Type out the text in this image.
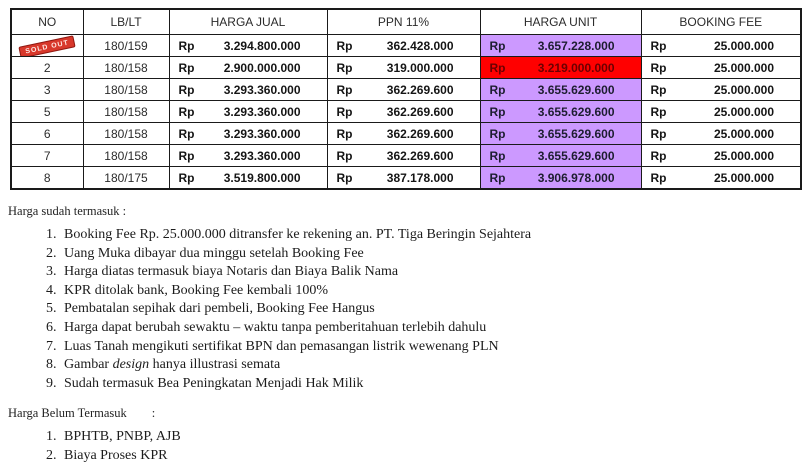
NO	LB/LT	HARGA JUAL	PPN 11%	HARGA UNIT	BOOKING FEE
SOLD OUT	180/159	Rp 3.294.800.000	Rp 362.428.000	Rp 3.657.228.000	Rp 25.000.000

2	180/158	Rp 2.900.000.000	Rp 319.000.000	Rp 3.219.000.000	Rp 25.000.000

3	180/158	Rp 3.293.360.000	Rp 362.269.600	Rp 3.655.629.600	Rp 25.000.000

5	180/158	Rp 3.293.360.000	Rp 362.269.600	Rp 3.655.629.600	Rp 25.000.000

6	180/158	Rp 3.293.360.000	Rp 362.269.600	Rp 3.655.629.600	Rp 25.000.000

7	180/158	Rp 3.293.360.000	Rp 362.269.600	Rp 3.655.629.600	Rp 25.000.000

8	180/175	Rp 3.519.800.000	Rp 387.178.000	Rp 3.906.978.000	Rp 25.000.000
Harga sudah termasuk :
1. Booking Fee Rp. 25.000.000 ditransfer ke rekening an. PT. Tiga Beringin Sejahtera
2. Uang Muka dibayar dua minggu setelah Booking Fee
3. Harga diatas termasuk biaya Notaris dan Biaya Balik Nama
4. KPR ditolak bank, Booking Fee kembali 100%
5. Pembatalan sepihak dari pembeli, Booking Fee Hangus
6. Harga dapat berubah sewaktu – waktu tanpa pemberitahuan terlebih dahulu
7. Luas Tanah mengikuti sertifikat BPN dan pemasangan listrik wewenang PLN
8. Gambar design hanya illustrasi semata
9. Sudah termasuk Bea Peningkatan Menjadi Hak Milik
Harga Belum Termasuk        :
1. BPHTB, PNBP, AJB
2. Biaya Proses KPR
